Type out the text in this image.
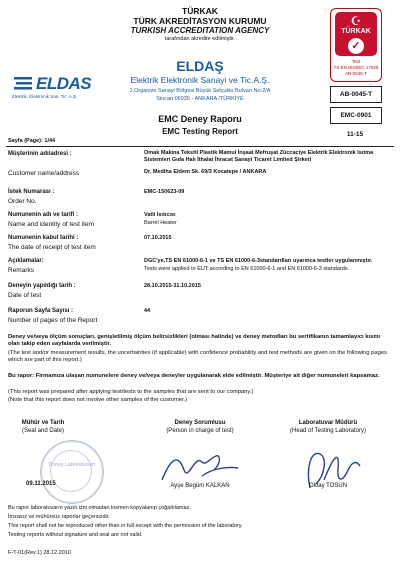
TÜRKAK
TÜRK AKREDİTASYON KURUMU
TURKISH ACCREDITATION AGENCY
tarafından akredite edilmiştir.
☪
TÜRKAK
✓
Test
TS EN ISO/IEC 17025
AB-0045-T
ELDAS
Elektrik, Elektronik San. Tic. A.Ş.
ELDAŞ
Elektrik Elektronik Sanayi ve Tic.A.Ş.
1.Organize Sanayi Bölgesi Büyük Selçuklu Bulvarı No:2/A
Sincan 06935 - ANKARA /TÜRKİYE
AB-0045-T
EMC-0901
11-15
EMC Deney Raporu
EMC Testing Report
Sayfa (Page): 1/44
Müşterinin adı/adresi :
Customer name/address
Omak Makina Tekstil Plastik Mamul İnşaat Mefruşat Züccaciye Elektrik Elektronik Isıtma Sistemleri Gıda Halı İthalat İhracat Sanayi Ticaret Limited Şirketi
Dr. Mediha Eldem Sk. 69/3 Kocatepe / ANKARA
İstek Numarası :
Order No.
EMC-150623-09
Numunenin adı ve tarifi :
Name and identity of test item
Vatli Isıtıcısı
Barrel Heater
Numunenin kabul tarihi :
The date of receipt of test item
07.10.2015
Açıklamalar:
Remarks
DGC'ye,TS EN 61000-6-1 ve TS EN 61000-6-3standardları uyarınca testler uygulanmıştır.
Tests were applied to EUT according to EN 61000-6-1 and EN 61000-6-3 standards.
Deneyin yapıldığı tarih :
Date of test
28.10.2015-31.10.2015
Raporun Sayfa Sayısı :
Number of pages of the Report
44
Deney ve/veya ölçüm sonuçları, genişletilmiş ölçüm belirsizlikleri (olması halinde) ve deney metodları bu sertifikanın tamamlayıcı kısmı olan takip eden sayfalarda verilmiştir.
(The test and/or measurement results, the uncertainties (if applicable) with confidence probability and test methods are given on the following pages which are part of this report.)
Bu rapor: Firmamıza ulaşan numunelere deney ve/veya deneyler uygulanarak elde edilmiştir. Müşteriye ait diğer numuneleri kapsamaz.
(This report was prepared after applying test/tests to the samples that are sent to our company.)
(Note that this report does not involve other samples of the customer.)
Mühür ve Tarih
(Seal and Date)
Deney Sorumlusu
(Person in charge of test)
Laboratuvar Müdürü
(Head of Testing Laboratory)
Deney Laboratuvarı
09.11.2015	Ayşe Begüm KALKAN	Oktay TOSUN
Bu rapor laboratuvarın yazılı izni olmadan kısmen kopyalanıp çoğaltılamaz.
İmzasız ve mühürsüz raporlar geçersizdir.
This report shall not be reproduced other than in full except with the permission of the laboratory.
Testing reports without signature and seal are not valid.
F-T-01(Rev.1) 28.12.2010
